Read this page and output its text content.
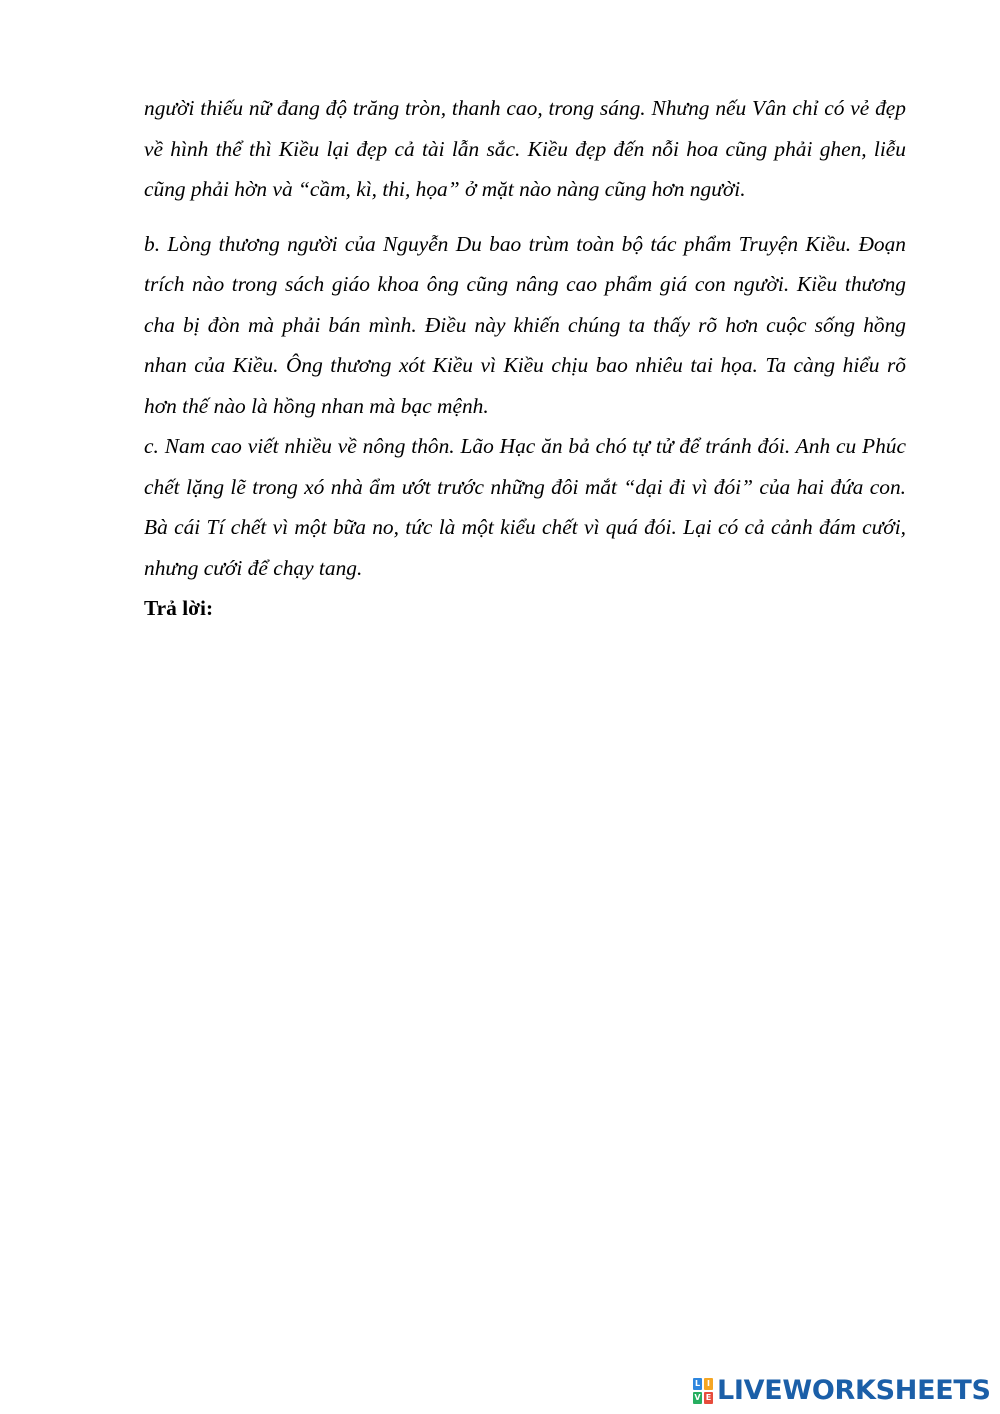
người thiếu nữ đang độ trăng tròn, thanh cao, trong sáng. Nhưng nếu Vân chỉ có vẻ đẹp về hình thể thì Kiều lại đẹp cả tài lẫn sắc. Kiều đẹp đến nỗi hoa cũng phải ghen, liễu cũng phải hờn và “cầm, kì, thi, họa” ở mặt nào nàng cũng hơn người.

b. Lòng thương người của Nguyễn Du bao trùm toàn bộ tác phẩm Truyện Kiều. Đoạn trích nào trong sách giáo khoa ông cũng nâng cao phẩm giá con người. Kiều thương cha bị đòn mà phải bán mình. Điều này khiến chúng ta thấy rõ hơn cuộc sống hồng nhan của Kiều. Ông thương xót Kiều vì Kiều chịu bao nhiêu tai họa. Ta càng hiểu rõ hơn thế nào là hồng nhan mà bạc mệnh.

c. Nam cao viết nhiều về nông thôn. Lão Hạc ăn bả chó tự tử để tránh đói. Anh cu Phúc chết lặng lẽ trong xó nhà ẩm ướt trước những đôi mắt “dại đi vì đói” của hai đứa con. Bà cái Tí chết vì một bữa no, tức là một kiểu chết vì quá đói. Lại có cả cảnh đám cưới, nhưng cưới để chạy tang.

Trả lời:

L I
V E LIVEWORKSHEETS
